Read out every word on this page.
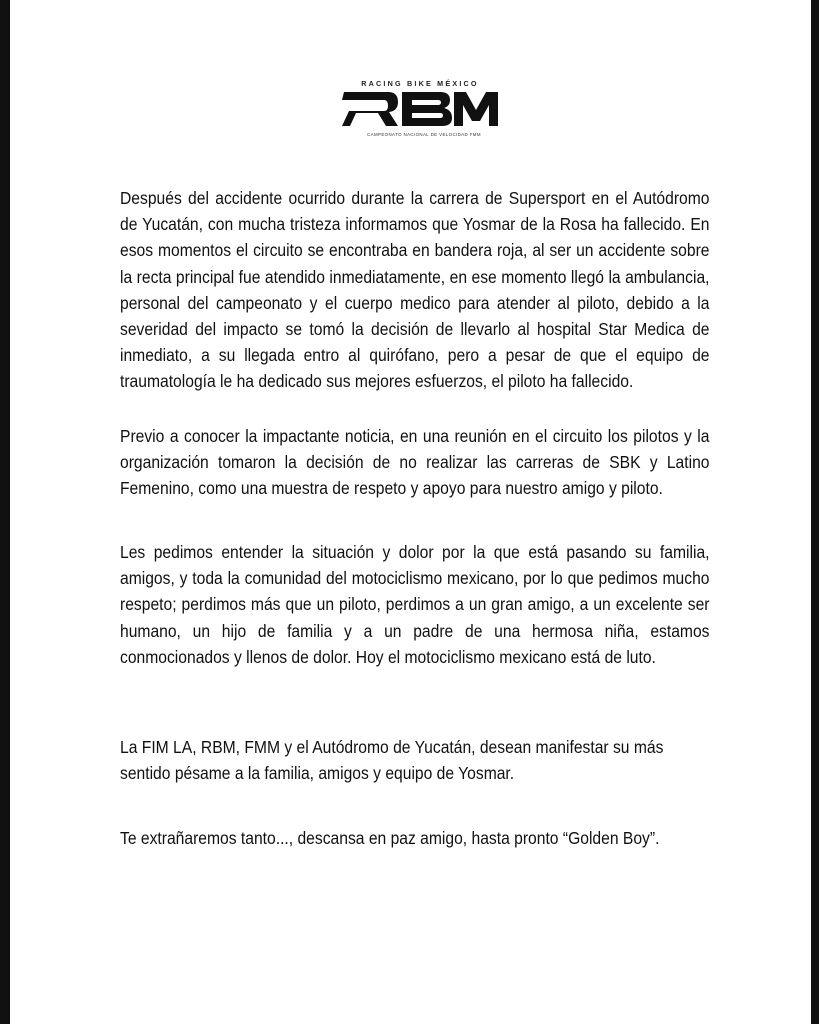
RACING BIKE MÉXICO
CAMPEONATO NACIONAL DE VELOCIDAD FMM

Después del accidente ocurrido durante la carrera de Supersport en el Autódromo de Yucatán, con mucha tristeza informamos que Yosmar de la Rosa ha fallecido. En esos momentos el circuito se encontraba en bandera roja, al ser un accidente sobre la recta principal fue atendido inmediatamente, en ese momento llegó la ambulancia, personal del campeonato y el cuerpo medico para atender al piloto, debido a la severidad del impacto se tomó la decisión de llevarlo al hospital Star Medica de inmediato, a su llegada entro al quirófano, pero a pesar de que el equipo de traumatología le ha dedicado sus mejores esfuerzos, el piloto ha fallecido.

Previo a conocer la impactante noticia, en una reunión en el circuito los pilotos y la organización tomaron la decisión de no realizar las carreras de SBK y Latino Femenino, como una muestra de respeto y apoyo para nuestro amigo y piloto.

Les pedimos entender la situación y dolor por la que está pasando su familia, amigos, y toda la comunidad del motociclismo mexicano, por lo que pedimos mucho respeto; perdimos más que un piloto, perdimos a un gran amigo, a un excelente ser humano, un hijo de familia y a un padre de una hermosa niña, estamos conmocionados y llenos de dolor. Hoy el motociclismo mexicano está de luto.

La FIM LA, RBM, FMM y el Autódromo de Yucatán, desean manifestar su más sentido pésame a la familia, amigos y equipo de Yosmar.

Te extrañaremos tanto..., descansa en paz amigo, hasta pronto “Golden Boy”.
